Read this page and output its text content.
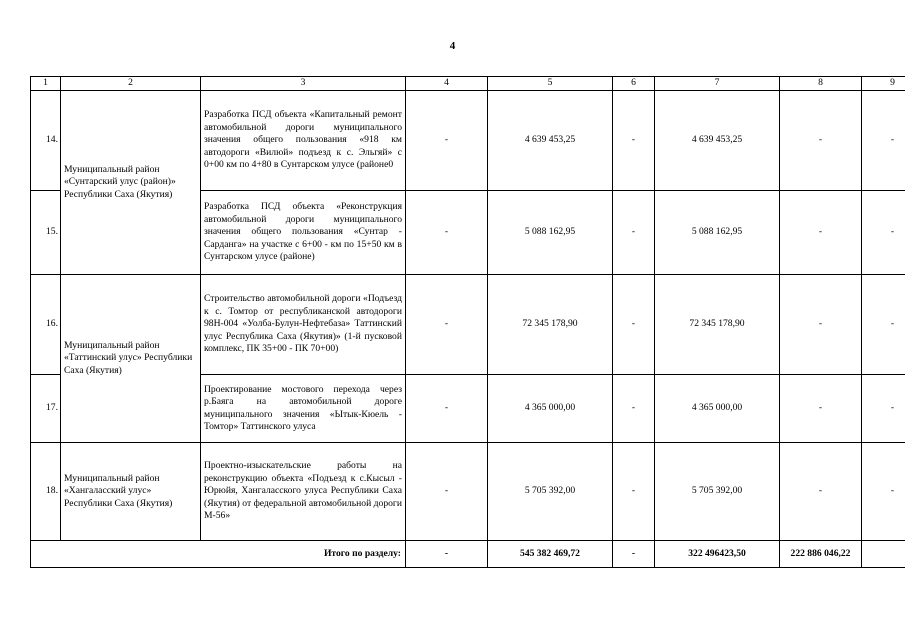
4
1	2	3	4	5	6	7	8	9
14.	Муниципальный район «Сунтарский улус (район)» Республики Саха (Якутия)	Разработка ПСД объекта «Капитальный ремонт автомобильной дороги муниципального значения общего пользования «918 км автодороги «Вилюй» подъезд к с. Эльгяй» с 0+00 км по 4+80 в Сунтарском улусе (районе0	-	4 639 453,25	-	4 639 453,25	-	-
15.		Разработка ПСД объекта «Реконструкция автомобильной дороги муниципального значения общего пользования «Сунтар - Сарданга» на участке с 6+00 - км по 15+50 км в Сунтарском улусе (районе)	-	5 088 162,95	-	5 088 162,95	-	-
16.	Муниципальный район «Таттинский улус» Республики Саха (Якутия)	Строительство автомобильной дороги «Подъезд к с. Томтор от республиканской автодороги 98Н-004 «Уолба-Булун-Нефтебаза» Таттинский улус Республика Саха (Якутия)» (1-й пусковой комплекс, ПК 35+00 - ПК 70+00)	-	72 345 178,90	-	72 345 178,90	-	-
17.		Проектирование мостового перехода через р.Баяга на автомобильной дороге муниципального значения «Ытык-Кюель - Томтор» Таттинского улуса	-	4 365 000,00	-	4 365 000,00	-	-
18.	Муниципальный район «Хангаласский улус» Республики Саха (Якутия)	Проектно-изыскательские работы на реконструкцию объекта «Подъезд к с.Кысыл - Юрюйя, Хангаласского улуса Республики Саха (Якутия) от федеральной автомобильной дороги М-56»	-	5 705 392,00	-	5 705 392,00	-	-
Итого по разделу:			-	545 382 469,72	-	322 496423,50	222 886 046,22	
